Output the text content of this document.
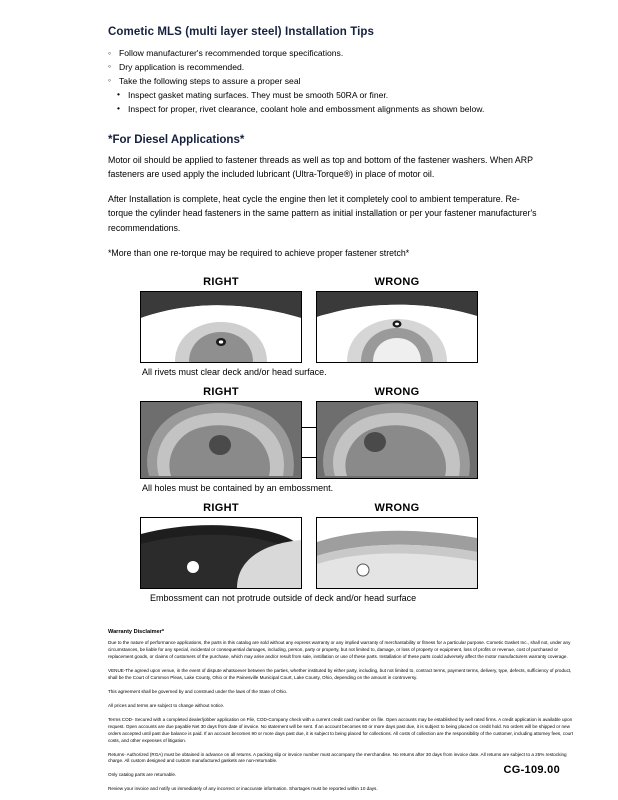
Cometic MLS (multi layer steel) Installation Tips
◦ Follow manufacturer's recommended torque specifications.
◦ Dry application is recommended.
◦ Take the following steps to assure a proper seal
• Inspect gasket mating surfaces. They must be smooth 50RA or finer.
• Inspect for proper, rivet clearance, coolant hole and embossment alignments as shown below.
*For Diesel Applications*

Motor oil should be applied to fastener threads as well as top and bottom of the fastener washers. When ARP fasteners are used apply the included lubricant (Ultra-Torque®) in place of motor oil.

After Installation is complete, heat cycle the engine then let it completely cool to ambient temperature. Re-torque the cylinder head fasteners in the same pattern as initial installation or per your fastener manufacturer's recommendations.

*More than one re-torque may be required to achieve proper fastener stretch*

RIGHT	WRONG
All rivets must clear deck and/or head surface.

RIGHT	WRONG
All holes must be contained by an embossment.
RIGHT	WRONG
Embossment can not protrude outside of deck and/or head surface
Warranty Disclaimer*

Due to the nature of performance applications, the parts in this catalog are sold without any express warranty or any implied warranty of merchantability or fitness for a particular purpose. Cometic Gasket Inc., shall not, under any circumstances, be liable for any special, incidental or consequential damages, including, person, party or property, but not limited to, damage, or loss of property or equipment, loss of profits or revenue, cost of purchased or replacement goods, or claims of customers of the purchase, which may arise and/or result from sale, instillation or use of these parts. Installation of these parts could adversely affect the motor manufacturers warranty coverage.

VENUE-The agreed upon venue, in the event of dispute whatsoever between the parties, whether instituted by either party, including, but not limited to, contract terms, payment terms, delivery, type, defects, sufficiency of product, shall be the Court of Common Pleas, Lake County, Ohio or the Painesville Municipal Court, Lake County, Ohio, depending on the amount in controversy.

This agreement shall be governed by and construed under the laws of the State of Ohio.

All prices and terms are subject to change without notice.

Terms COD- Secured with a completed dealer/jobber application on File, COD-Company check with a current credit card number on file. Open accounts may be established by well rated firms. A credit application is available upon request. Open accounts are due payable Net 30 days from date of invoice. No statement will be sent. If an account becomes 60 or more days past due, it is subject to being placed on credit hold. No orders will be shipped or new orders accepted until past due balance is paid. If an account becomes 90 or more days past due, it is subject to being placed for collections. All costs of collection are the responsibility of the customer, including attorney fees, court costs, and other expenses of litigation.

Returns- Authorized (RGA) must be obtained in advance on all returns. A packing slip or invoice number must accompany the merchandise. No returns after 30 days from invoice date. All returns are subject to a 25% restocking charge. All custom designed and custom manufactured gaskets are non-returnable.

Only catalog parts are returnable.

Review your invoice and notify us immediately of any incorrect or inaccurate information. Shortages must be reported within 10 days.

CG-109.00
